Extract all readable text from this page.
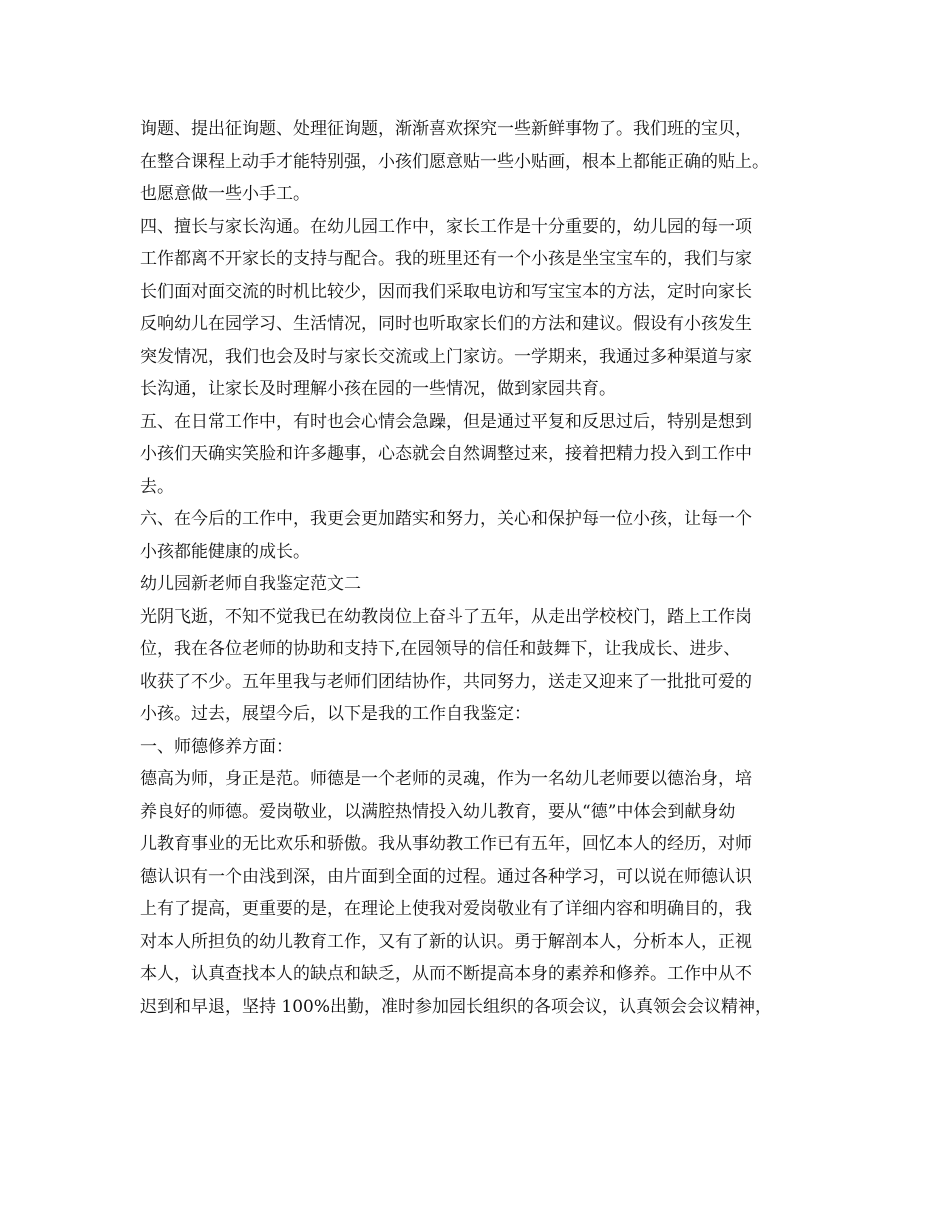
询题、提出征询题、处理征询题，渐渐喜欢探究一些新鲜事物了。我们班的宝贝，
在整合课程上动手才能特别强，小孩们愿意贴一些小贴画，根本上都能正确的贴上。
也愿意做一些小手工。
四、擅长与家长沟通。在幼儿园工作中，家长工作是十分重要的，幼儿园的每一项
工作都离不开家长的支持与配合。我的班里还有一个小孩是坐宝宝车的，我们与家
长们面对面交流的时机比较少，因而我们采取电访和写宝宝本的方法，定时向家长
反响幼儿在园学习、生活情况，同时也听取家长们的方法和建议。假设有小孩发生
突发情况，我们也会及时与家长交流或上门家访。一学期来，我通过多种渠道与家
长沟通，让家长及时理解小孩在园的一些情况，做到家园共育。
五、在日常工作中，有时也会心情会急躁，但是通过平复和反思过后，特别是想到
小孩们天确实笑脸和许多趣事，心态就会自然调整过来，接着把精力投入到工作中
去。
六、在今后的工作中，我更会更加踏实和努力，关心和保护每一位小孩，让每一个
小孩都能健康的成长。
幼儿园新老师自我鉴定范文二
光阴飞逝，不知不觉我已在幼教岗位上奋斗了五年，从走出学校校门，踏上工作岗
位，我在各位老师的协助和支持下,在园领导的信任和鼓舞下，让我成长、进步、
收获了不少。五年里我与老师们团结协作，共同努力，送走又迎来了一批批可爱的
小孩。过去，展望今后，以下是我的工作自我鉴定：
一、师德修养方面：
德高为师，身正是范。师德是一个老师的灵魂，作为一名幼儿老师要以德治身，培
养良好的师德。爱岗敬业，以满腔热情投入幼儿教育，要从“德”中体会到献身幼
儿教育事业的无比欢乐和骄傲。我从事幼教工作已有五年，回忆本人的经历，对师
德认识有一个由浅到深，由片面到全面的过程。通过各种学习，可以说在师德认识
上有了提高，更重要的是，在理论上使我对爱岗敬业有了详细内容和明确目的，我
对本人所担负的幼儿教育工作，又有了新的认识。勇于解剖本人，分析本人，正视
本人，认真查找本人的缺点和缺乏，从而不断提高本身的素养和修养。工作中从不
迟到和早退，坚持 100%出勤，准时参加园长组织的各项会议，认真领会会议精神，
